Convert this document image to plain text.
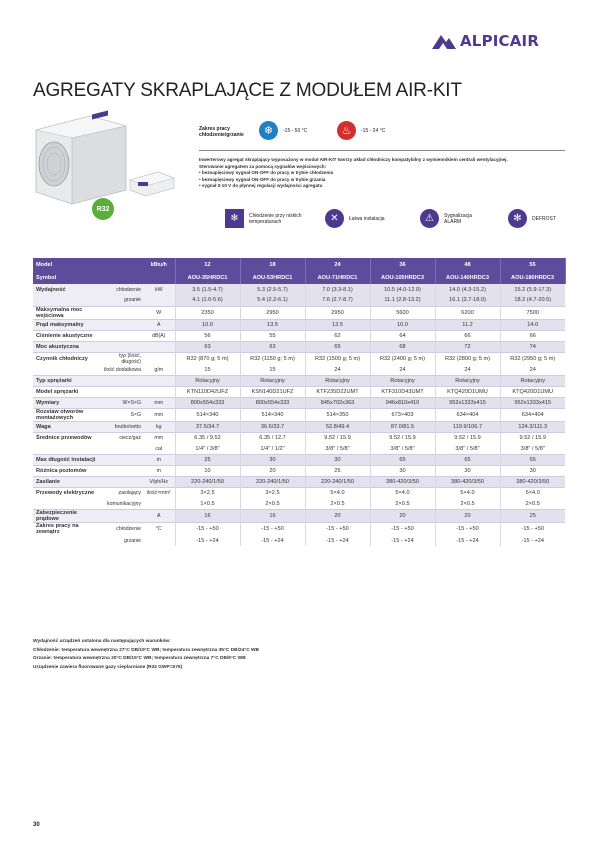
ALPICAIR
AGREGATY SKRAPLAJĄCE Z MODUŁEM AIR-KIT
R32
Zakres pracy chłodzenie/grzanie	❄	-15 - 50 °C	♨	-15 - 24 °C

Inwerterowy agregat skraplający wyposażony w moduł AIR-KIT tworzy układ chłodniczy kompatybilny z wymiennikiem centrali wentylacyjnej.

Sterowanie agregatem za pomocą sygnałów wejściowych:

• beznapięciowy sygnał ON-OFF do pracy w trybie chłodzenia

• beznapięciowy sygnał ON-OFF do pracy w trybie grzania

• sygnał 0-10 V do płynnej regulacji wydajności agregatu

❄	Chłodzenie przy niskich temperaturach	✕	Łatwa instalacja	⚠	Sygnalizacja ALARM	✻	DEFROST
Model		kBtu/h	12	18	24	36	48	55
Symbol			AOU-35HRDC1	AOU-53HRDC1	AOU-71HRDC1	AOU-105HRDC3	AOU-140HRDC3	AOU-180HRDC3
Wydajność	chłodzenie	kW	3.5 (1.5-4.7)	5.3 (2.5-5.7)	7.0 (3.3-8.1)	10.5 (4.0-12.0)	14.0 (4.3-15.2)	15.2 (5.9-17.3)
	grzanie		4.1 (1.0-5.6)	5.4 (2.2-6.1)	7.6 (2.7-8.7)	11.1 (2.8-13.2)	16.1 (3.7-18.0)	18.2 (4.7-20.5)
Maksymalna moc wejściowa		W	2350	2950	2950	5600	6200	7500
Prąd maksymalny		A	10.0	13.5	13.5	10.0	11.2	14.0
Ciśnienie akustyczne		dB(A)	56	55	62	64	66	66
Moc akustyczna			63	63	65	68	72	74
Czynnik chłodniczy	typ (ilość, długość)		R32 (870 g; 5 m)	R32 (1150 g; 5 m)	R32 (1500 g; 5 m)	R32 (2400 g; 5 m)	R32 (2800 g; 5 m)	R32 (2950 g; 5 m)
	ilość dodatkowa	g/m	15	15	24	24	24	24
Typ sprężarki			Rotacyjny	Rotacyjny	Rotacyjny	Rotacyjny	Rotacyjny	Rotacyjny
Model sprężarki			KTN110D42UFZ	KSN140D21UFZ	KTF235D22UMT	KTF310D43UMT	KTQ420D1UMU	KTQ420D1UMU
Wymiary	W×S×G	mm	800x554x333	800x554x333	845x702x363	946x810x410	952x1333x415	952x1333x415
Rozstaw otworów montażowych	S×G	mm	514×340	514×340	514×350	673×403	634×404	634×404
Waga	brutto/netto	kg	37.5/34.7	36.6/33.7	52.8/49.4	87.0/81.5	119.9/106.7	124.3/111.3
Średnice przewodów	ciecz/gaz	mm	6.35 / 9.52	6.35 / 12.7	9.52 / 15.9	9.52 / 15.9	9.52 / 15.9	9.52 / 15.9
		cal	1/4" / 3/8"	1/4" / 1/2"	3/8" / 5/8"	3/8" / 5/8"	3/8" / 5/8"	3/8" / 5/8"
Max długość instalacji		m	25	30	30	65	65	65
Różnica poziomów		m	10	20	25	30	30	30
Zasilanie		V/ph/Hz	220-240/1/50	220-240/1/50	220-240/1/50	380-420/3/50	380-420/3/50	380-420/3/50
Przewody elektryczne	zasilający	ilość×mm²	3×2.5	3×2.5	5×4.0	5×4.0	5×4.0	5×4.0
	komunikacyjny		1×0.5	2×0.5	2×0.5	2×0.5	2×0.5	2×0.5
Zabezpieczenie prądowe		A	16	16	20	20	20	25
Zakres pracy na zewnątrz	chłodzenie	°C	-15 - +50	-15 - +50	-15 - +50	-15 - +50	-15 - +50	-15 - +50
	grzanie		-15 - +24	-15 - +24	-15 - +24	-15 - +24	-15 - +24	-15 - +24
Wydajność urządzeń ustalona dla następujących warunków:
Chłodzenie: temperatura wewnętrzna 27°C DB/19°C WB; temperatura zewnętrzna 35°C DB/24°C WB
Grzanie: temperatura wewnętrzna 20°C DB/15°C WB; temperatura zewnętrzna 7°C DB/6°C WB
Urządzenie zawiera fluorowane gazy cieplarniane (R32 GWP=675)
30
